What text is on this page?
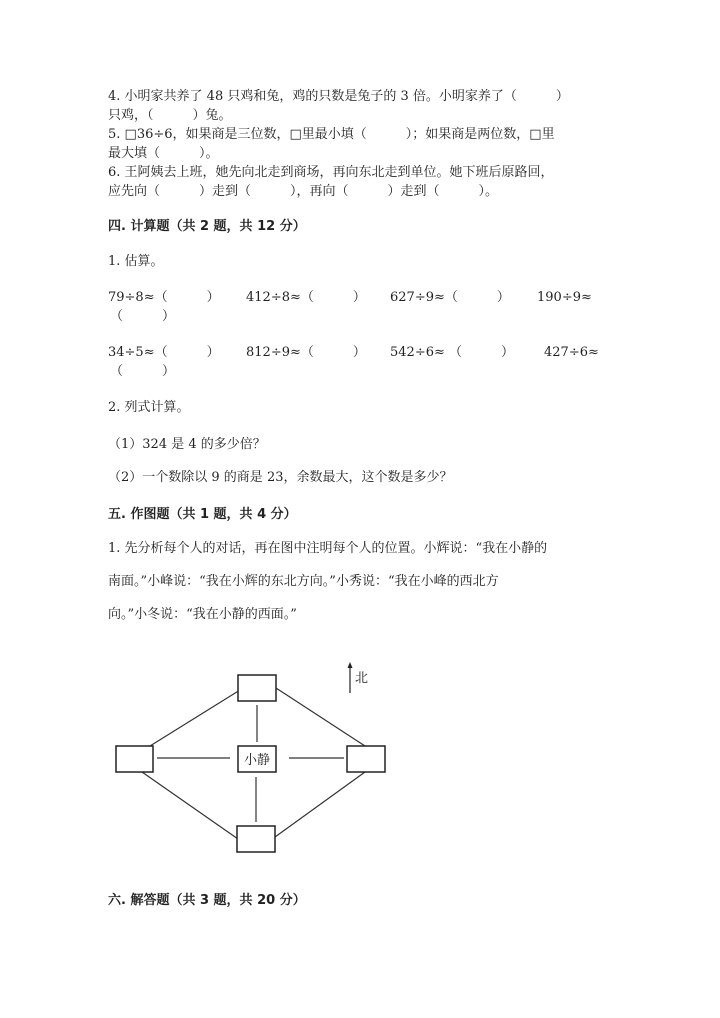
4. 小明家共养了 48 只鸡和兔，鸡的只数是兔子的 3 倍。小明家养了（　　　）
只鸡，（　　　）兔。
5. □36÷6，如果商是三位数，□里最小填（　　　）；如果商是两位数，□里
最大填（　　　）。
6. 王阿姨去上班，她先向北走到商场，再向东北走到单位。她下班后原路回，
应先向（　　　）走到（　　　），再向（　　　）走到（　　　）。
四. 计算题（共 2 题，共 12 分）
1. 估算。
79÷8≈（　　　） 412÷8≈（　　　） 627÷9≈（　　　） 190÷9≈
（　　　）
34÷5≈（　　　） 812÷9≈（　　　） 542÷6≈ （　　　） 427÷6≈
（　　　）
2. 列式计算。
（1）324 是 4 的多少倍？
（2）一个数除以 9 的商是 23，余数最大，这个数是多少？
五. 作图题（共 1 题，共 4 分）
1. 先分析每个人的对话，再在图中注明每个人的位置。小辉说：“我在小静的
南面。”小峰说：“我在小辉的东北方向。”小秀说：“我在小峰的西北方
向。”小冬说：“我在小静的西面。”
小静
北
六. 解答题（共 3 题，共 20 分）
